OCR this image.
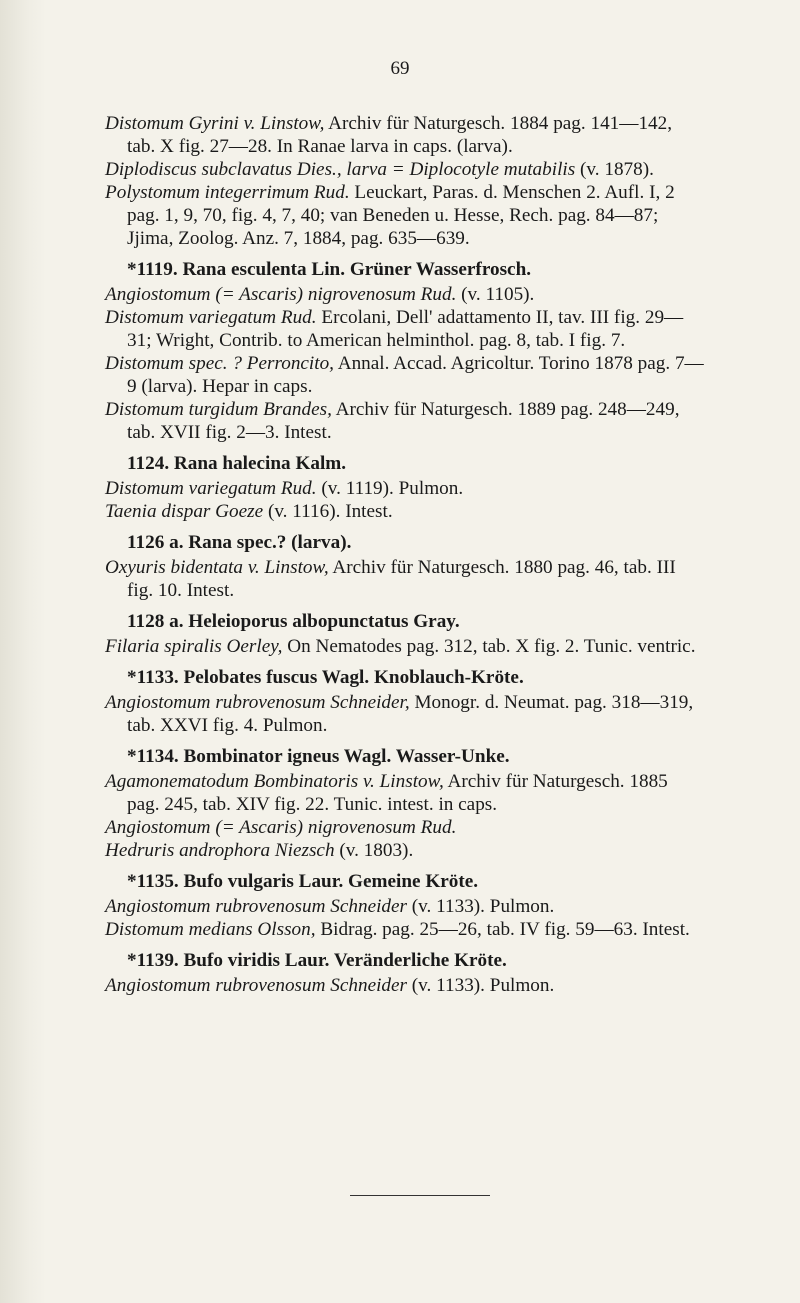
69

Distomum Gyrini v. Linstow, Archiv für Naturgesch. 1884 pag. 141—142, tab. X fig. 27—28. In Ranae larva in caps. (larva).

Diplodiscus subclavatus Dies., larva = Diplocotyle mutabilis (v. 1878).

Polystomum integerrimum Rud. Leuckart, Paras. d. Menschen 2. Aufl. I, 2 pag. 1, 9, 70, fig. 4, 7, 40; van Beneden u. Hesse, Rech. pag. 84—87; Jjima, Zoolog. Anz. 7, 1884, pag. 635—639.

*1119. Rana esculenta Lin. Grüner Wasserfrosch.

Angiostomum (= Ascaris) nigrovenosum Rud. (v. 1105).

Distomum variegatum Rud. Ercolani, Dell' adattamento II, tav. III fig. 29—31; Wright, Contrib. to American helminthol. pag. 8, tab. I fig. 7.

Distomum spec. ? Perroncito, Annal. Accad. Agricoltur. Torino 1878 pag. 7—9 (larva). Hepar in caps.

Distomum turgidum Brandes, Archiv für Naturgesch. 1889 pag. 248—249, tab. XVII fig. 2—3. Intest.

1124. Rana halecina Kalm.

Distomum variegatum Rud. (v. 1119). Pulmon.

Taenia dispar Goeze (v. 1116). Intest.

1126 a. Rana spec.? (larva).

Oxyuris bidentata v. Linstow, Archiv für Naturgesch. 1880 pag. 46, tab. III fig. 10. Intest.

1128 a. Heleioporus albopunctatus Gray.

Filaria spiralis Oerley, On Nematodes pag. 312, tab. X fig. 2. Tunic. ventric.

*1133. Pelobates fuscus Wagl. Knoblauch-Kröte.

Angiostomum rubrovenosum Schneider, Monogr. d. Neumat. pag. 318—319, tab. XXVI fig. 4. Pulmon.

*1134. Bombinator igneus Wagl. Wasser-Unke.

Agamonematodum Bombinatoris v. Linstow, Archiv für Naturgesch. 1885 pag. 245, tab. XIV fig. 22. Tunic. intest. in caps.

Angiostomum (= Ascaris) nigrovenosum Rud.

Hedruris androphora Niezsch (v. 1803).

*1135. Bufo vulgaris Laur. Gemeine Kröte.

Angiostomum rubrovenosum Schneider (v. 1133). Pulmon.

Distomum medians Olsson, Bidrag. pag. 25—26, tab. IV fig. 59—63. Intest.

*1139. Bufo viridis Laur. Veränderliche Kröte.

Angiostomum rubrovenosum Schneider (v. 1133). Pulmon.
